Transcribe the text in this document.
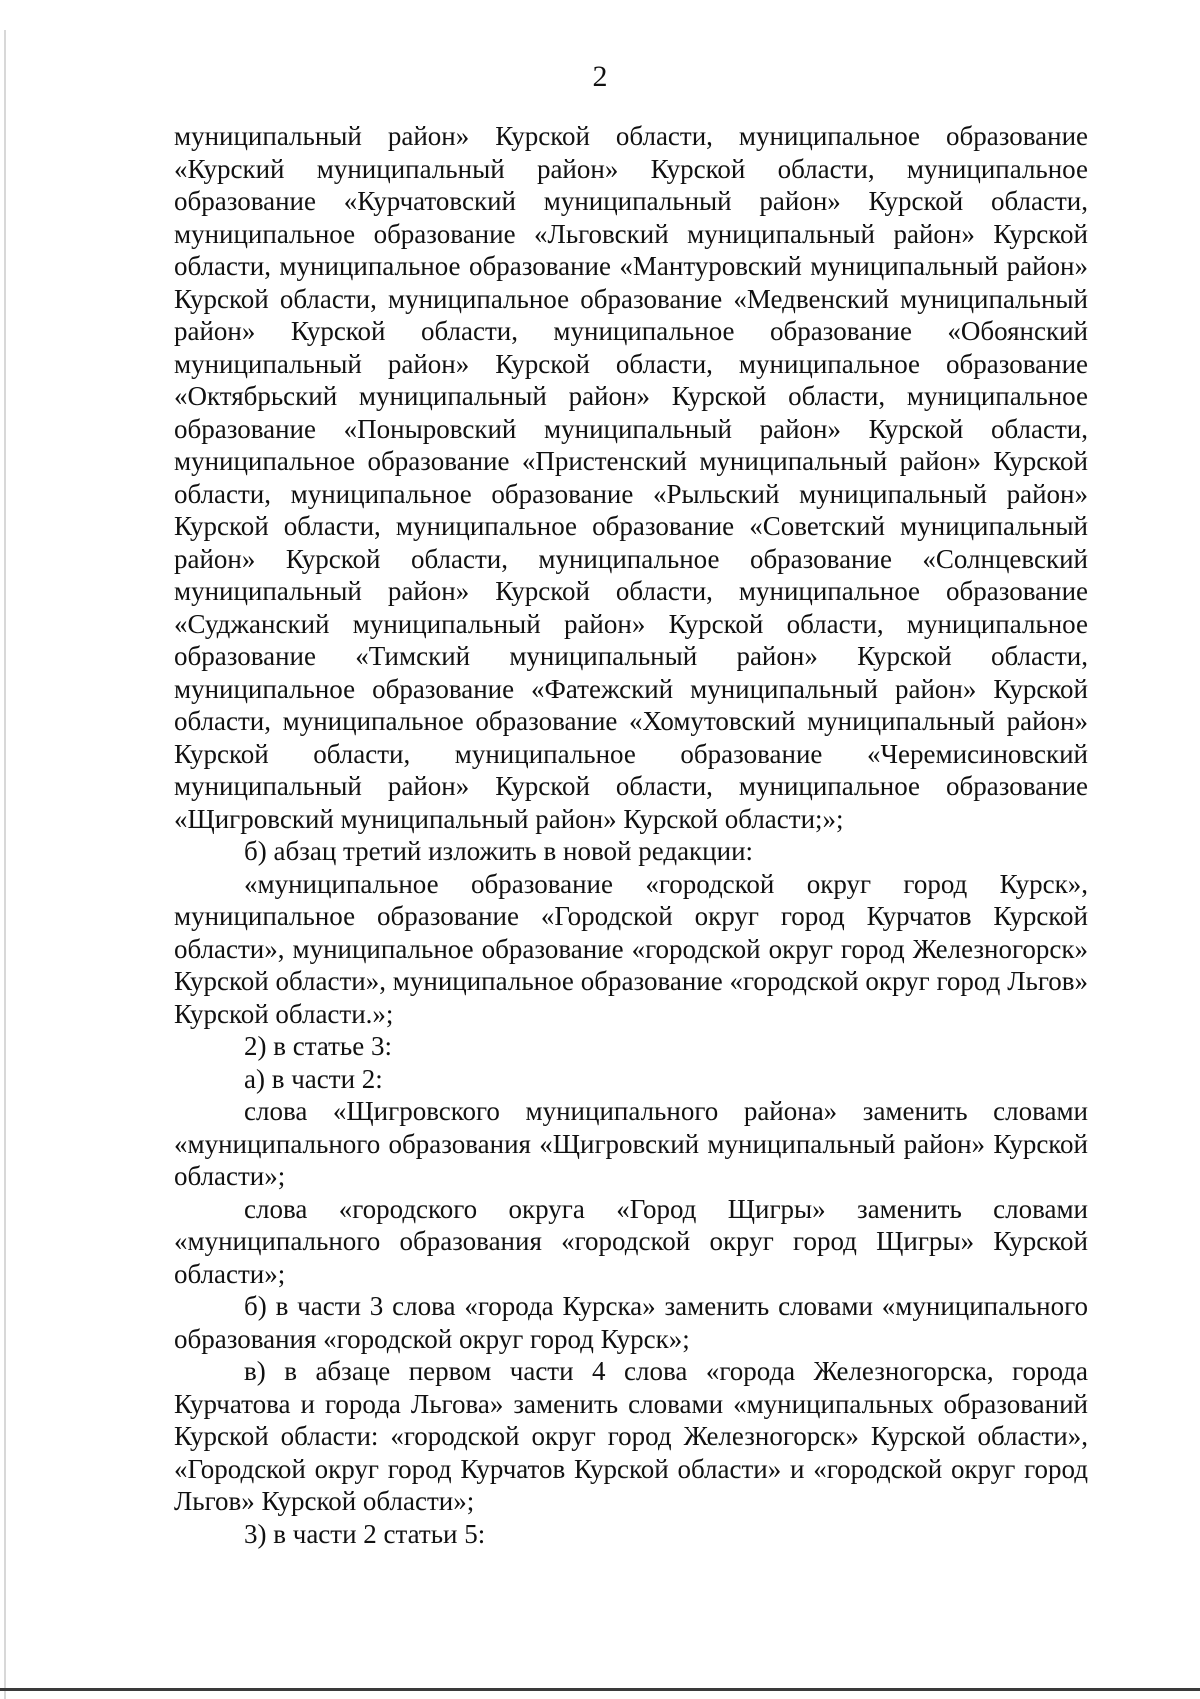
2

муниципальный район» Курской области, муниципальное образование «Курский муниципальный район» Курской области, муниципальное образование «Курчатовский муниципальный район» Курской области, муниципальное образование «Льговский муниципальный район» Курской области, муниципальное образование «Мантуровский муниципальный район» Курской области, муниципальное образование «Медвенский муниципальный район» Курской области, муниципальное образование «Обоянский муниципальный район» Курской области, муниципальное образование «Октябрьский муниципальный район» Курской области, муниципальное образование «Поныровский муниципальный район» Курской области, муниципальное образование «Пристенский муниципальный район» Курской области, муниципальное образование «Рыльский муниципальный район» Курской области, муниципальное образование «Советский муниципальный район» Курской области, муниципальное образование «Солнцевский муниципальный район» Курской области, муниципальное образование «Суджанский муниципальный район» Курской области, муниципальное образование «Тимский муниципальный район» Курской области, муниципальное образование «Фатежский муниципальный район» Курской области, муниципальное образование «Хомутовский муниципальный район» Курской области, муниципальное образование «Черемисиновский муниципальный район» Курской области, муниципальное образование «Щигровский муниципальный район» Курской области;»;

б) абзац третий изложить в новой редакции:

«муниципальное образование «городской округ город Курск», муниципальное образование «Городской округ город Курчатов Курской области», муниципальное образование «городской округ город Железногорск» Курской области», муниципальное образование «городской округ город Льгов» Курской области.»;

2) в статье 3:

а) в части 2:

слова «Щигровского муниципального района» заменить словами «муниципального образования «Щигровский муниципальный район» Курской области»;

слова «городского округа «Город Щигры» заменить словами «муниципального образования «городской округ город Щигры» Курской области»;

б) в части 3 слова «города Курска» заменить словами «муниципального образования «городской округ город Курск»;

в) в абзаце первом части 4 слова «города Железногорска, города Курчатова и города Льгова» заменить словами «муниципальных образований Курской области: «городской округ город Железногорск» Курской области», «Городской округ город Курчатов Курской области» и «городской округ город Льгов» Курской области»;

3) в части 2 статьи 5:
